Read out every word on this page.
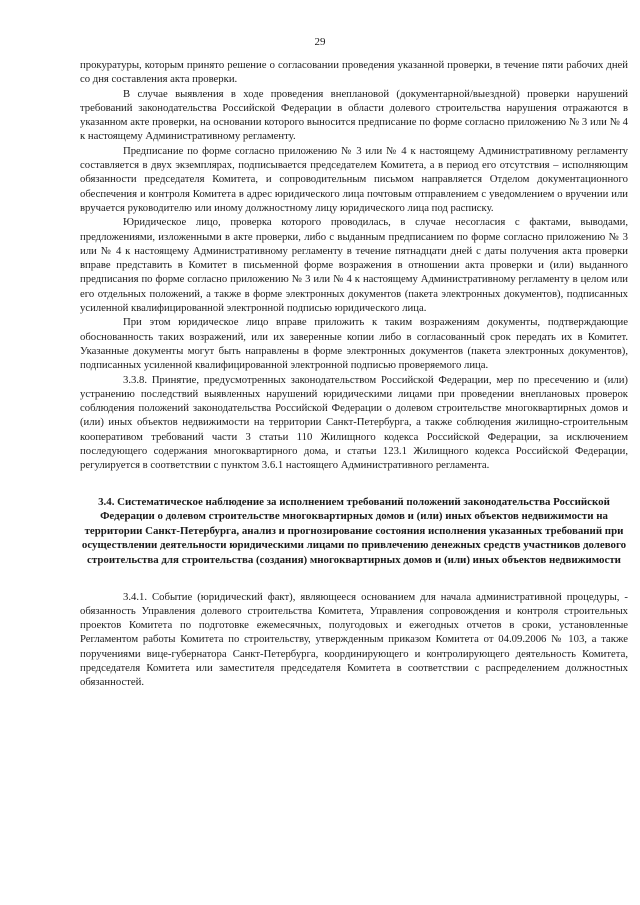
29

прокуратуры, которым принято решение о согласовании проведения указанной проверки, в течение пяти рабочих дней со дня составления акта проверки.

В случае выявления в ходе проведения внеплановой (документарной/выездной) проверки нарушений требований законодательства Российской Федерации в области долевого строительства нарушения отражаются в указанном акте проверки, на основании которого выносится предписание по форме согласно приложению № 3 или № 4 к настоящему Административному регламенту.

Предписание по форме согласно приложению № 3 или № 4 к настоящему Административному регламенту составляется в двух экземплярах, подписывается председателем Комитета, а в период его отсутствия – исполняющим обязанности председателя Комитета, и сопроводительным письмом направляется Отделом документационного обеспечения и контроля Комитета в адрес юридического лица почтовым отправлением с уведомлением о вручении или вручается руководителю или иному должностному лицу юридического лица под расписку.

Юридическое лицо, проверка которого проводилась, в случае несогласия с фактами, выводами, предложениями, изложенными в акте проверки, либо с выданным предписанием по форме согласно приложению № 3 или № 4 к настоящему Административному регламенту в течение пятнадцати дней с даты получения акта проверки вправе представить в Комитет в письменной форме возражения в отношении акта проверки и (или) выданного предписания по форме согласно приложению № 3 или № 4 к настоящему Административному регламенту в целом или его отдельных положений, а также в форме электронных документов (пакета электронных документов), подписанных усиленной квалифицированной электронной подписью юридического лица.

При этом юридическое лицо вправе приложить к таким возражениям документы, подтверждающие обоснованность таких возражений, или их заверенные копии либо в согласованный срок передать их в Комитет. Указанные документы могут быть направлены в форме электронных документов (пакета электронных документов), подписанных усиленной квалифицированной электронной подписью проверяемого лица.

3.3.8. Принятие, предусмотренных законодательством Российской Федерации, мер по пресечению и (или) устранению последствий выявленных нарушений юридическими лицами при проведении внеплановых проверок соблюдения положений законодательства Российской Федерации о долевом строительстве многоквартирных домов и (или) иных объектов недвижимости на территории Санкт-Петербурга, а также соблюдения жилищно-строительным кооперативом требований части 3 статьи 110 Жилищного кодекса Российской Федерации, за исключением последующего содержания многоквартирного дома, и статьи 123.1 Жилищного кодекса Российской Федерации, регулируется в соответствии с пунктом 3.6.1 настоящего Административного регламента.

3.4. Систематическое наблюдение за исполнением требований положений законодательства Российской Федерации о долевом строительстве многоквартирных домов и (или) иных объектов недвижимости на территории Санкт-Петербурга, анализ и прогнозирование состояния исполнения указанных требований при осуществлении деятельности юридическими лицами по привлечению денежных средств участников долевого строительства для строительства (создания) многоквартирных домов и (или) иных объектов недвижимости

3.4.1. Событие (юридический факт), являющееся основанием для начала административной процедуры, - обязанность Управления долевого строительства Комитета, Управления сопровождения и контроля строительных проектов Комитета по подготовке ежемесячных, полугодовых и ежегодных отчетов в сроки, установленные Регламентом работы Комитета по строительству, утвержденным приказом Комитета от 04.09.2006 № 103, а также поручениями вице-губернатора Санкт-Петербурга, координирующего и контролирующего деятельность Комитета, председателя Комитета или заместителя председателя Комитета в соответствии с распределением должностных обязанностей.
